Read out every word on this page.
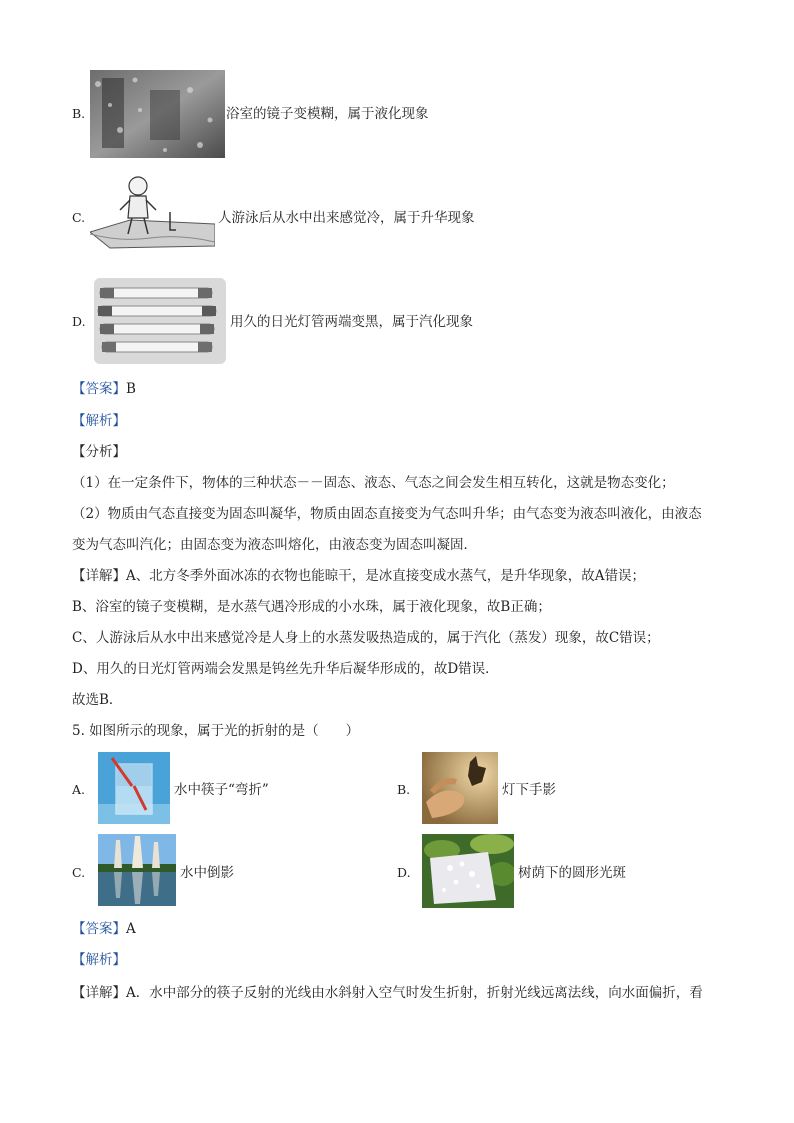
B.	浴室的镜子变模糊，属于液化现象
C.	人游泳后从水中出来感觉冷，属于升华现象
D.	用久的日光灯管两端变黑，属于汽化现象
【答案】B
【解析】
【分析】
（1）在一定条件下，物体的三种状态－－固态、液态、气态之间会发生相互转化，这就是物态变化；
（2）物质由气态直接变为固态叫凝华，物质由固态直接变为气态叫升华；由气态变为液态叫液化，由液态
变为气态叫汽化；由固态变为液态叫熔化，由液态变为固态叫凝固．
【详解】A、北方冬季外面冰冻的衣物也能晾干，是冰直接变成水蒸气，是升华现象，故A错误；
B、浴室的镜子变模糊，是水蒸气遇冷形成的小水珠，属于液化现象，故B正确；
C、人游泳后从水中出来感觉冷是人身上的水蒸发吸热造成的，属于汽化（蒸发）现象，故C错误；
D、用久的日光灯管两端会发黑是钨丝先升华后凝华形成的，故D错误．
故选B．
5. 如图所示的现象，属于光的折射的是（　　）
A.	水中筷子“弯折”	B.	灯下手影
C.	水中倒影	D.	树荫下的圆形光斑
【答案】A
【解析】
【详解】A．水中部分的筷子反射的光线由水斜射入空气时发生折射，折射光线远离法线，向水面偏折，看
